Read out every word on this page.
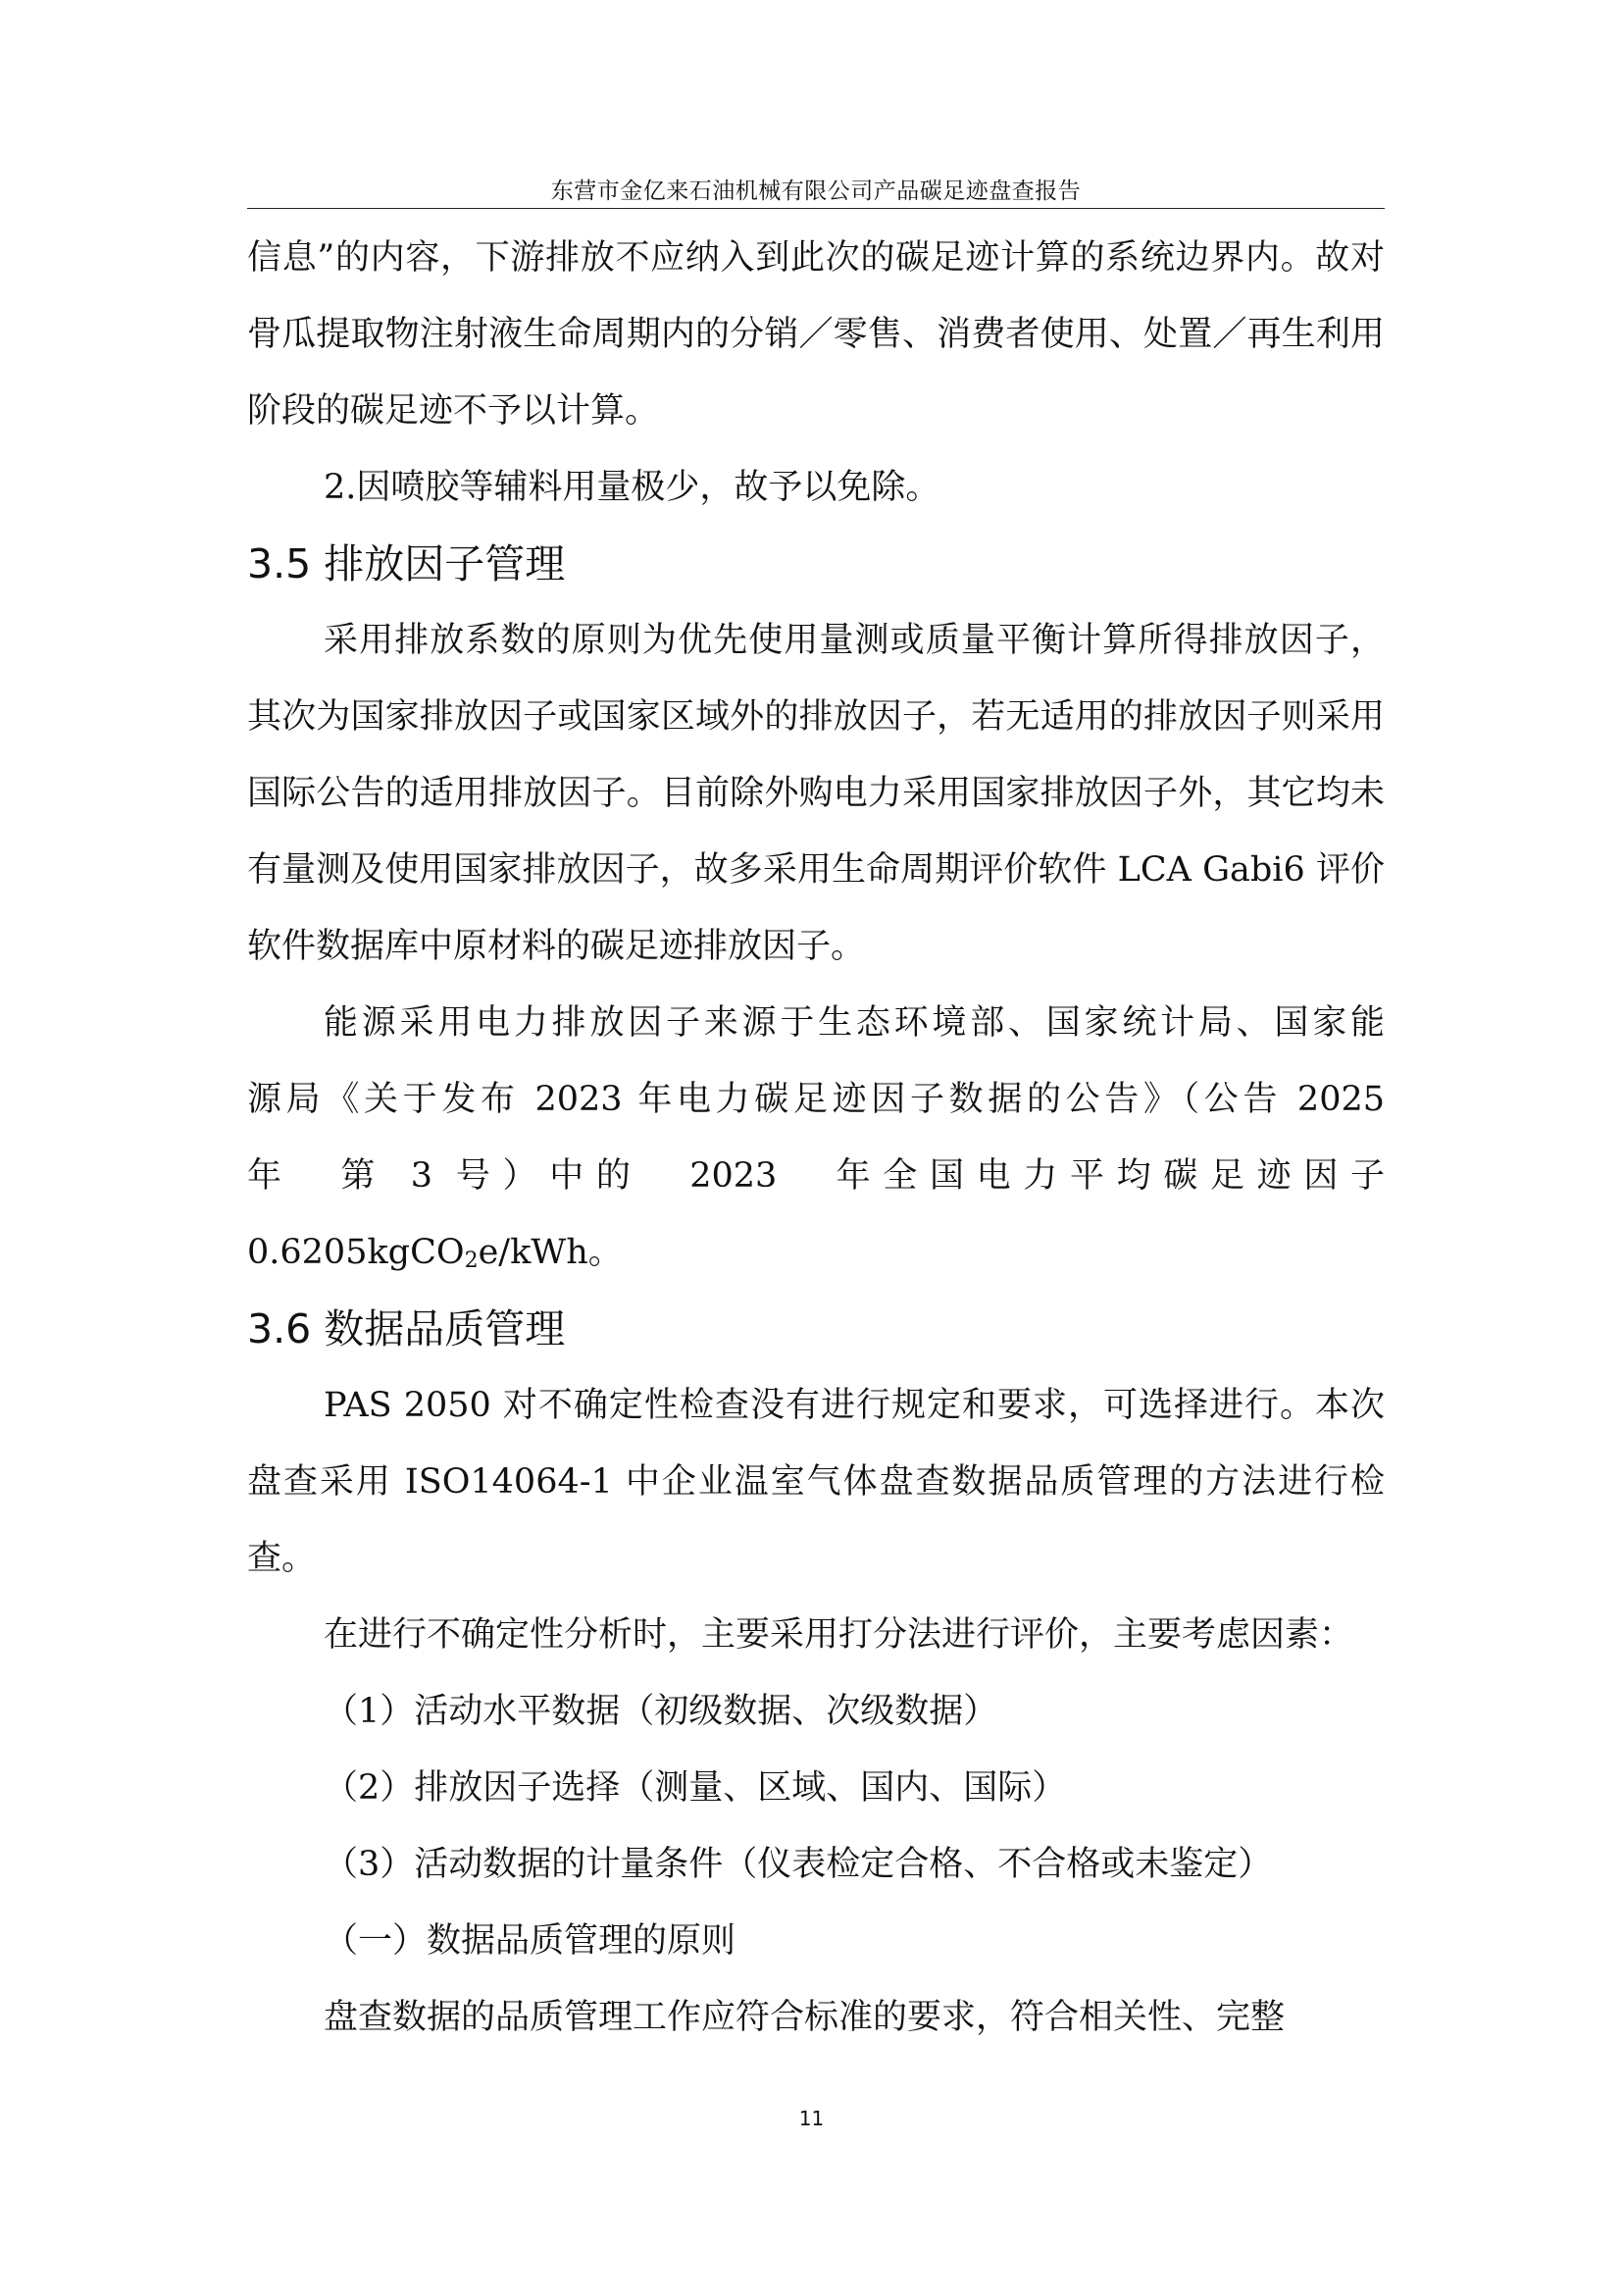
东营市金亿来石油机械有限公司产品碳足迹盘查报告

信息”的内容，下游排放不应纳入到此次的碳足迹计算的系统边界内。故对骨瓜提取物注射液生命周期内的分销／零售、消费者使用、处置／再生利用阶段的碳足迹不予以计算。

2.因喷胶等辅料用量极少，故予以免除。

3.5 排放因子管理

采用排放系数的原则为优先使用量测或质量平衡计算所得排放因子，其次为国家排放因子或国家区域外的排放因子，若无适用的排放因子则采用国际公告的适用排放因子。目前除外购电力采用国家排放因子外，其它均未有量测及使用国家排放因子，故多采用生命周期评价软件 LCA Gabi6 评价软件数据库中原材料的碳足迹排放因子。

能源采用电力排放因子来源于生态环境部、国家统计局、国家能

源局《关于发布 2023 年电力碳足迹因子数据的公告》（公告 2025

年　第 3 号）中的　2023　年全国电力平均碳足迹因子

0.6205kgCO$_2$e/kWh。

3.6 数据品质管理

PAS 2050 对不确定性检查没有进行规定和要求，可选择进行。本次盘查采用 ISO14064-1 中企业温室气体盘查数据品质管理的方法进行检查。

在进行不确定性分析时，主要采用打分法进行评价，主要考虑因素：

（1）活动水平数据（初级数据、次级数据）

（2）排放因子选择（测量、区域、国内、国际）

（3）活动数据的计量条件（仪表检定合格、不合格或未鉴定）

（一）数据品质管理的原则

盘查数据的品质管理工作应符合标准的要求，符合相关性、完整

11
